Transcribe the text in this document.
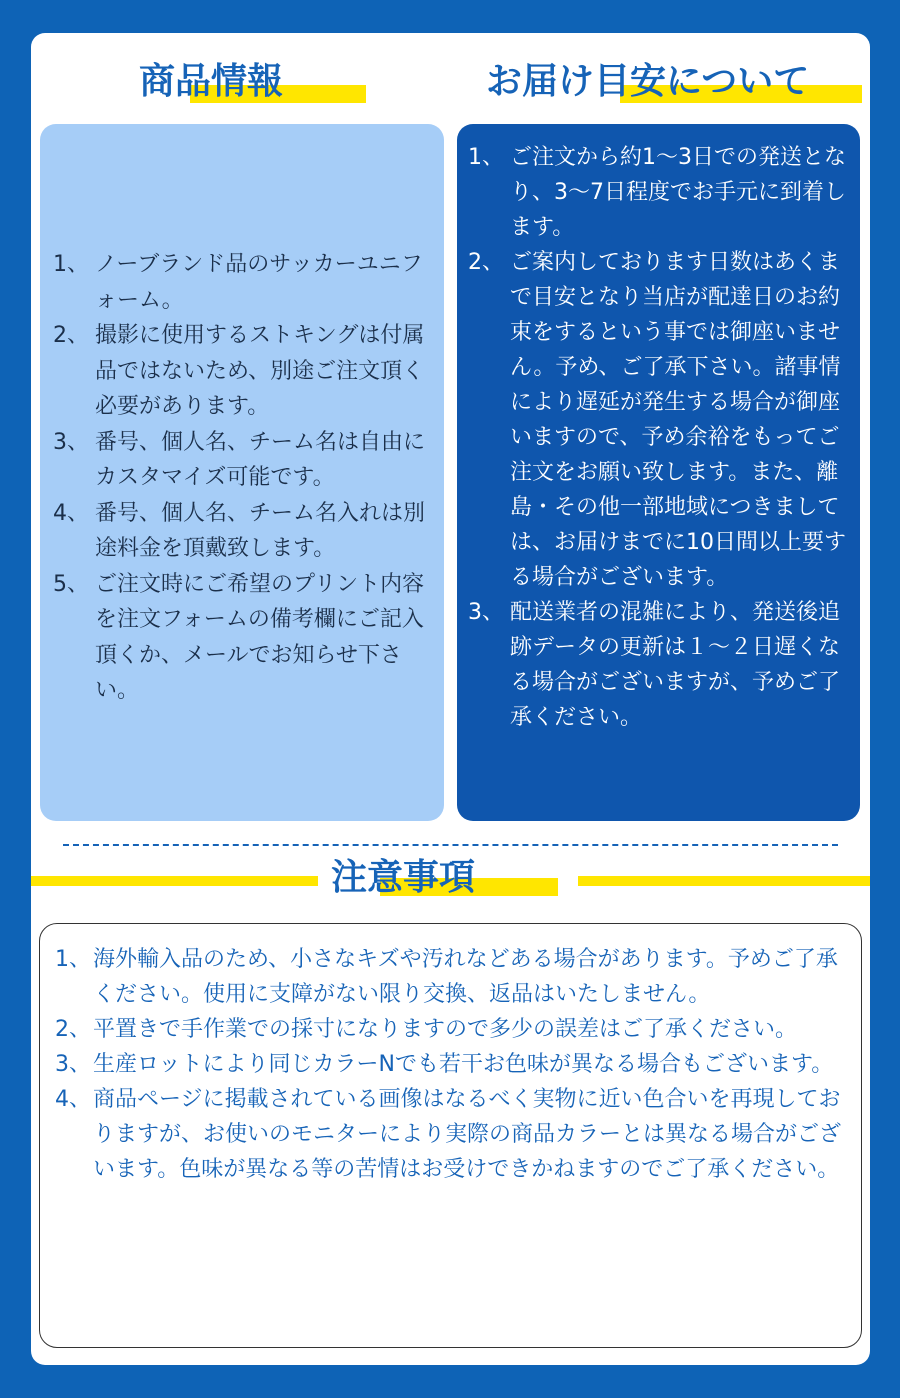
商品情報	お届け目安について
1、 ノーブランド品のサッカーユニフォーム。
2、 撮影に使用するストキングは付属品ではないため、別途ご注文頂く必要があります。
3、 番号、個人名、チーム名は自由にカスタマイズ可能です。
4、 番号、個人名、チーム名入れは別途料金を頂戴致します。
5、 ご注文時にご希望のプリント内容を注文フォームの備考欄にご記入頂くか、メールでお知らせ下さい。
1、 ご注文から約1～3日での発送となり、3～7日程度でお手元に到着します。
2、 ご案内しております日数はあくまで目安となり当店が配達日のお約束をするという事では御座いません。予め、ご了承下さい。諸事情により遅延が発生する場合が御座いますので、予め余裕をもってご注文をお願い致します。また、離島・その他一部地域につきましては、お届けまでに10日間以上要する場合がございます。
3、 配送業者の混雑により、発送後追跡データの更新は１～２日遅くなる場合がございますが、予めご了承ください。
注意事項
1、 海外輸入品のため、小さなキズや汚れなどある場合があります。予めご了承ください。使用に支障がない限り交換、返品はいたしません。
2、 平置きで手作業での採寸になりますので多少の誤差はご了承ください。
3、 生産ロットにより同じカラーNでも若干お色味が異なる場合もございます。
4、 商品ページに掲載されている画像はなるべく実物に近い色合いを再現しておりますが、お使いのモニターにより実際の商品カラーとは異なる場合がございます。色味が異なる等の苦情はお受けできかねますのでご了承ください。
